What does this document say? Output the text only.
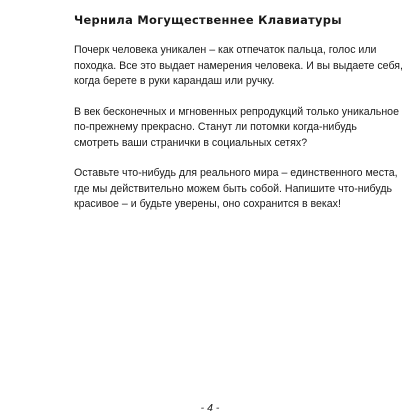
Чернила Могущественнее Клавиатуры

Почерк человека уникален – как отпечаток пальца, голос или
походка. Все это выдает намерения человека. И вы выдаете себя,
когда берете в руки карандаш или ручку.

В век бесконечных и мгновенных репродукций только уникальное
по-прежнему прекрасно. Станут ли потомки когда-нибудь
смотреть ваши странички в социальных сетях?

Оставьте что-нибудь для реального мира – единственного места,
где мы действительно можем быть собой. Напишите что-нибудь
красивое – и будьте уверены, оно сохранится в веках!

- 4 -
